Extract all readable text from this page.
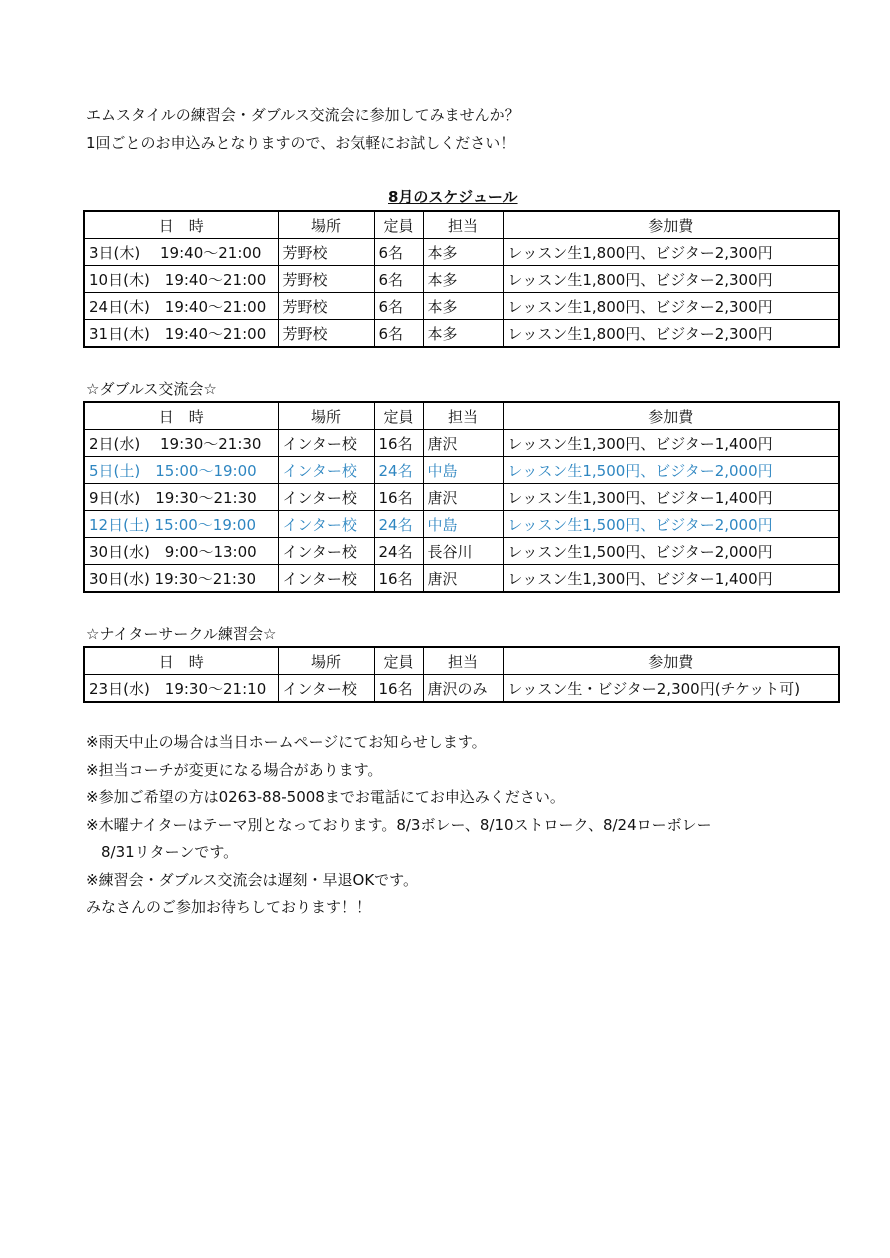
エムスタイルの練習会・ダブルス交流会に参加してみませんか？
1回ごとのお申込みとなりますので、お気軽にお試しください！
8月のスケジュール
日　時	場所	定員	担当	参加費
3日(木)　 19:40〜21:00	芳野校	6名	本多	レッスン生1,800円、ビジター2,300円
10日(木)　19:40〜21:00	芳野校	6名	本多	レッスン生1,800円、ビジター2,300円
24日(木)　19:40〜21:00	芳野校	6名	本多	レッスン生1,800円、ビジター2,300円
31日(木)　19:40〜21:00	芳野校	6名	本多	レッスン生1,800円、ビジター2,300円
☆ダブルス交流会☆
日　時	場所	定員	担当	参加費
2日(水)　 19:30〜21:30	インター校	16名	唐沢	レッスン生1,300円、ビジター1,400円
5日(土)　15:00〜19:00	インター校	24名	中島	レッスン生1,500円、ビジター2,000円
9日(水)　19:30〜21:30	インター校	16名	唐沢	レッスン生1,300円、ビジター1,400円
12日(土) 15:00〜19:00	インター校	24名	中島	レッスン生1,500円、ビジター2,000円
30日(水)　9:00〜13:00	インター校	24名	長谷川	レッスン生1,500円、ビジター2,000円
30日(水) 19:30〜21:30	インター校	16名	唐沢	レッスン生1,300円、ビジター1,400円
☆ナイターサークル練習会☆
日　時	場所	定員	担当	参加費
23日(水)　19:30〜21:10	インター校	16名	唐沢のみ	レッスン生・ビジター2,300円(チケット可)
※雨天中止の場合は当日ホームページにてお知らせします。
※担当コーチが変更になる場合があります。
※参加ご希望の方は0263-88-5008までお電話にてお申込みください。
※木曜ナイターはテーマ別となっております。8/3ボレー、8/10ストローク、8/24ローボレー
　8/31リターンです。
※練習会・ダブルス交流会は遅刻・早退OKです。
みなさんのご参加お待ちしております！！
